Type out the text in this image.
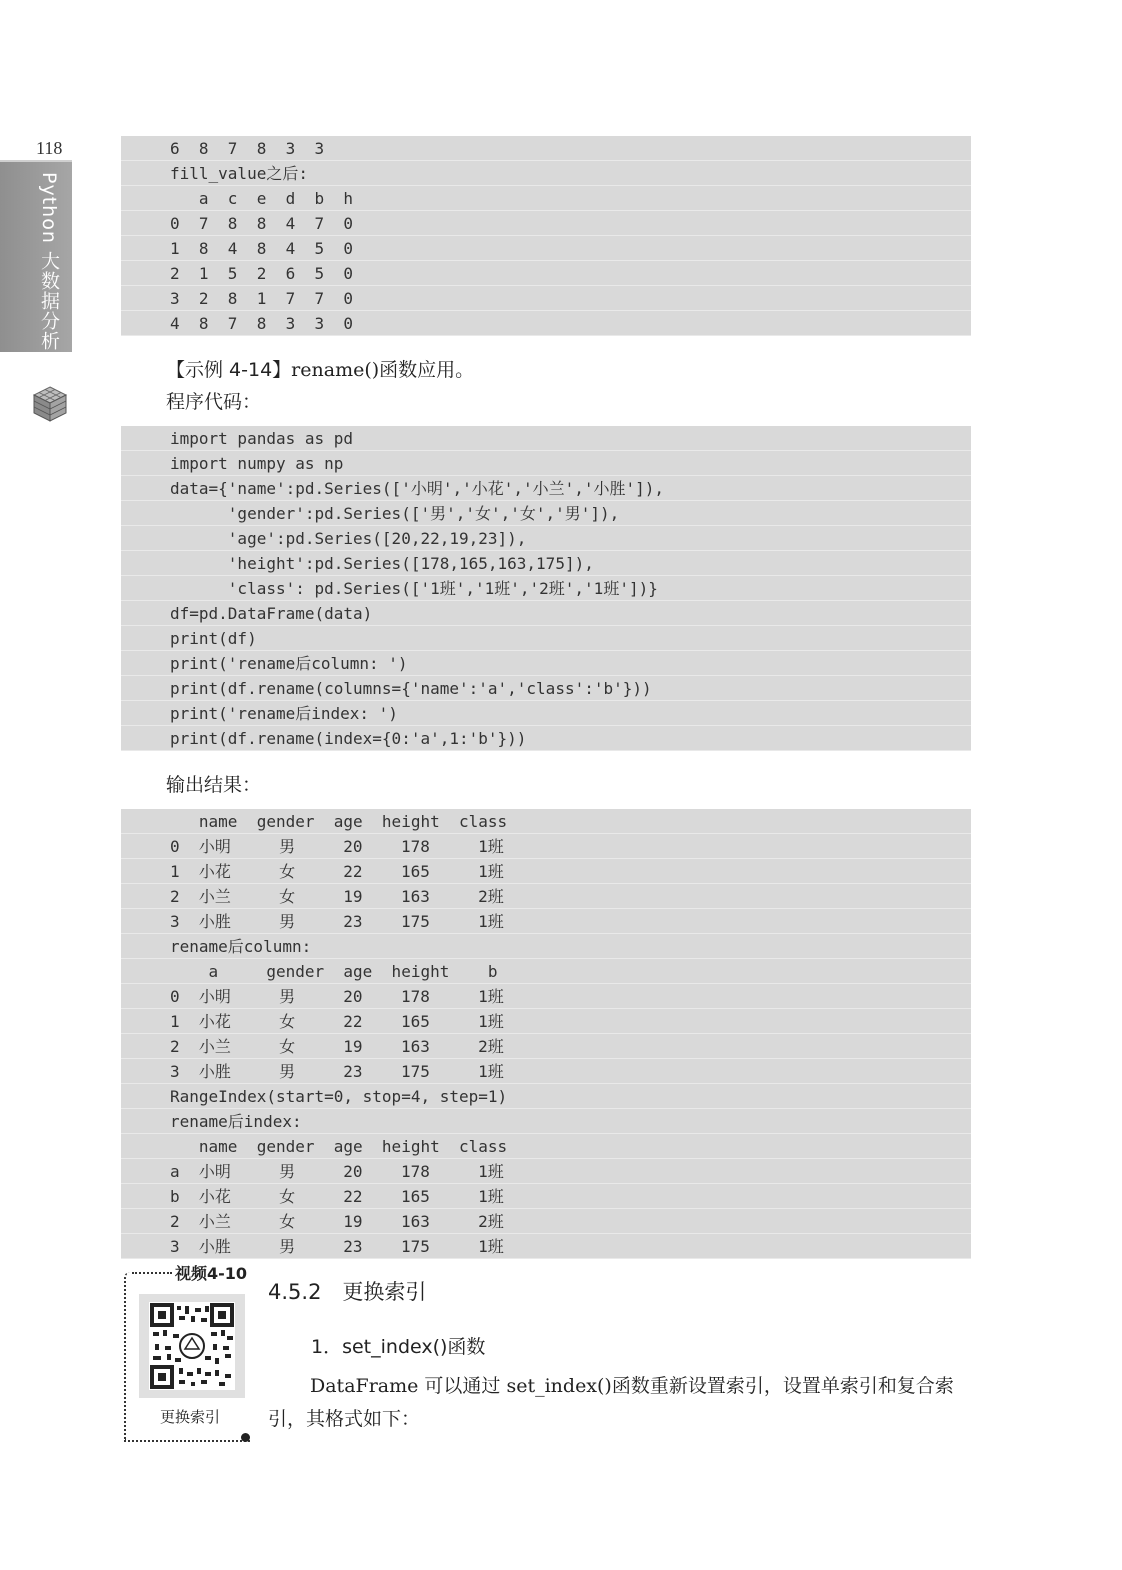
118
Python 大数据分析
6  8  7  8  3  3
fill_value之后:
a  c  e  d  b  h
0  7  8  8  4  7  0
1  8  4  8  4  5  0
2  1  5  2  6  5  0
3  2  8  1  7  7  0
4  8  7  8  3  3  0
【示例 4-14】rename()函数应用。
程序代码：
import pandas as pd
import numpy as np
data={'name':pd.Series(['小明','小花','小兰','小胜']),
'gender':pd.Series(['男','女','女','男']),
'age':pd.Series([20,22,19,23]),
'height':pd.Series([178,165,163,175]),
'class': pd.Series(['1班','1班','2班','1班'])}
df=pd.DataFrame(data)
print(df)
print('rename后column: ')
print(df.rename(columns={'name':'a','class':'b'}))
print('rename后index: ')
print(df.rename(index={0:'a',1:'b'}))
输出结果：
name  gender  age  height  class
0  小明     男     20    178     1班
1  小花     女     22    165     1班
2  小兰     女     19    163     2班
3  小胜     男     23    175     1班
rename后column:
a     gender  age  height    b
0  小明     男     20    178     1班
1  小花     女     22    165     1班
2  小兰     女     19    163     2班
3  小胜     男     23    175     1班
RangeIndex(start=0, stop=4, step=1)
rename后index:
name  gender  age  height  class
a  小明     男     20    178     1班
b  小花     女     22    165     1班
2  小兰     女     19    163     2班
3  小胜     男     23    175     1班
视频4-10
更换索引
4.5.2　更换索引
1．set_index()函数
DataFrame 可以通过 set_index()函数重新设置索引，设置单索引和复合索引，其格式如下：
